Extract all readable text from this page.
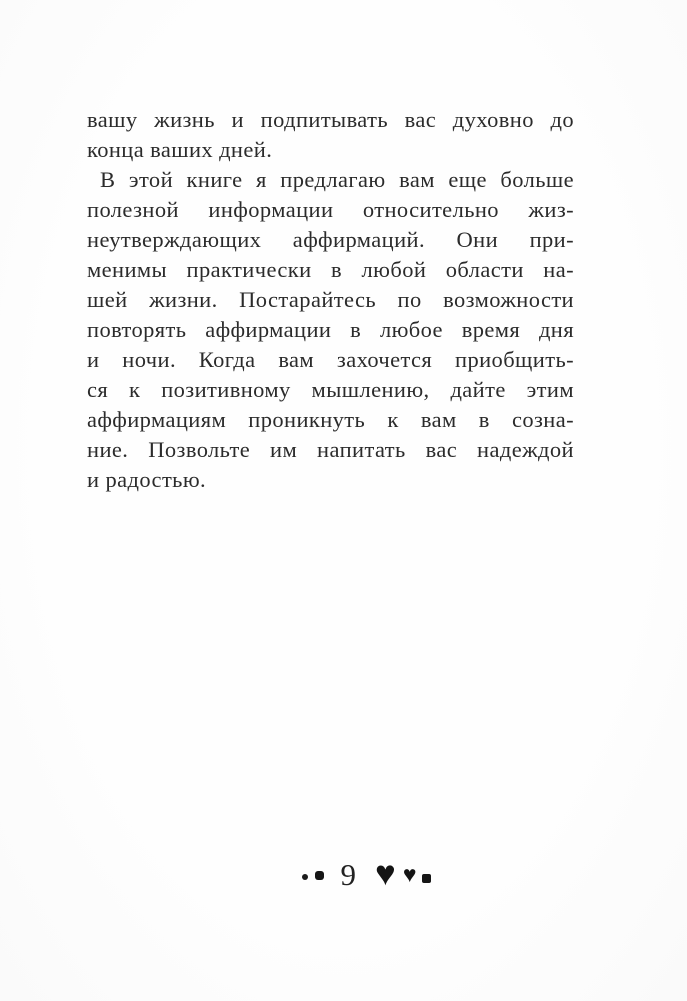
вашу жизнь и подпитывать вас духовно до
конца ваших дней.
В этой книге я предлагаю вам еще больше
полезной информации относительно жиз-
неутверждающих аффирмаций. Они при-
менимы практически в любой области на-
шей жизни. Постарайтесь по возможности
повторять аффирмации в любое время дня
и ночи. Когда вам захочется приобщить-
ся к позитивному мышлению, дайте этим
аффирмациям проникнуть к вам в созна-
ние. Позвольте им напитать вас надеждой
и радостью.
9 ♥ ♥
